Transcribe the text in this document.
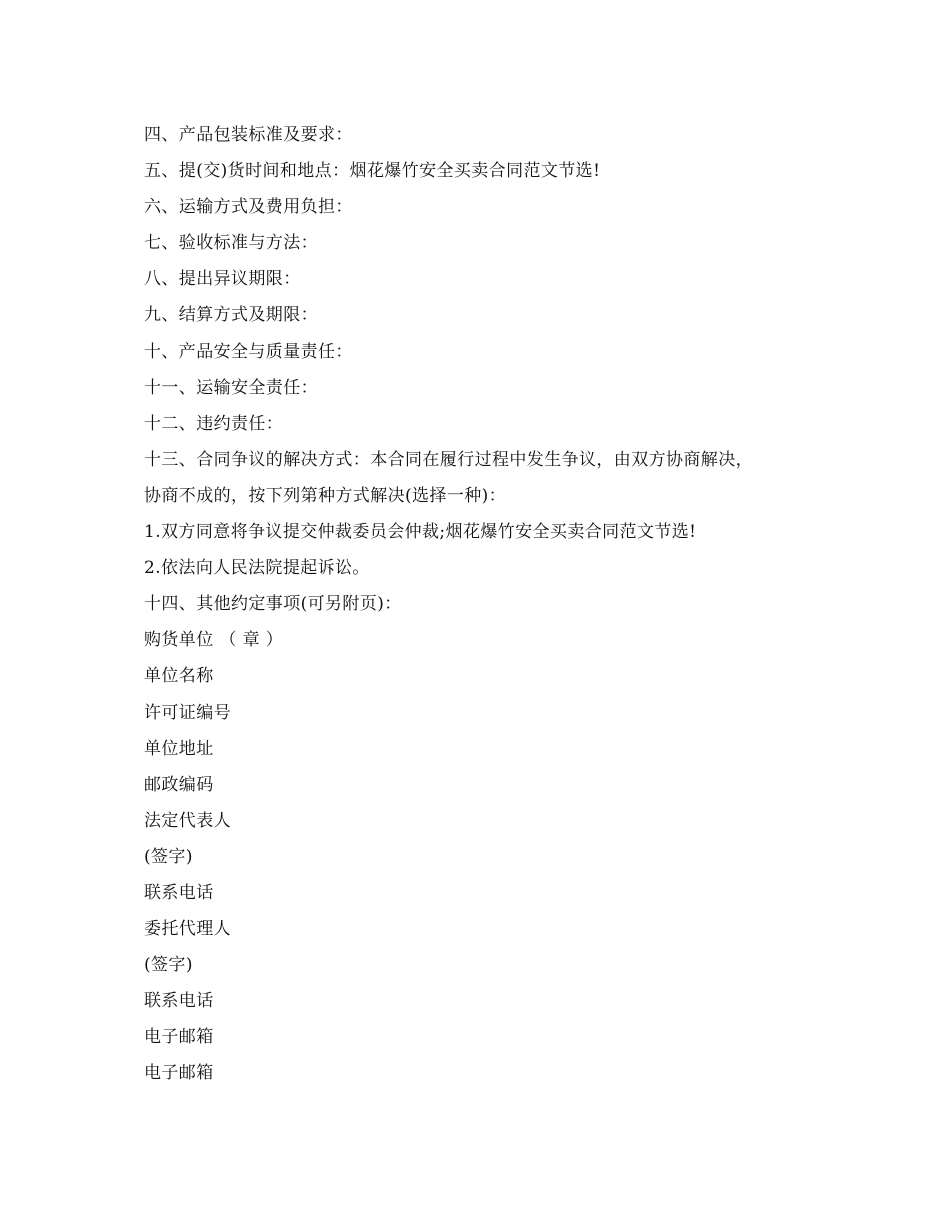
四、产品包装标准及要求：

五、提(交)货时间和地点：烟花爆竹安全买卖合同范文节选!

六、运输方式及费用负担：

七、验收标准与方法：

八、提出异议期限：

九、结算方式及期限：

十、产品安全与质量责任：

十一、运输安全责任：

十二、违约责任：

十三、合同争议的解决方式：本合同在履行过程中发生争议，由双方协商解决，

协商不成的，按下列第种方式解决(选择一种)：

1.双方同意将争议提交仲裁委员会仲裁;烟花爆竹安全买卖合同范文节选!

2.依法向人民法院提起诉讼。

十四、其他约定事项(可另附页)：

购货单位 （ 章 ）

单位名称

许可证编号

单位地址

邮政编码

法定代表人

(签字)

联系电话

委托代理人

(签字)

联系电话

电子邮箱

电子邮箱
